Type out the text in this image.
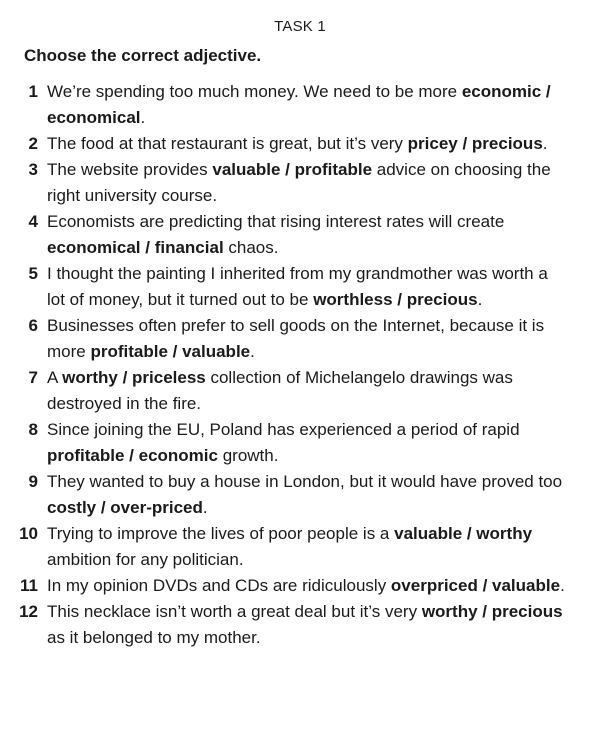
TASK 1
Choose the correct adjective.
1 We’re spending too much money. We need to be more economic / economical.
2 The food at that restaurant is great, but it’s very pricey / precious.
3 The website provides valuable / profitable advice on choosing the right university course.
4 Economists are predicting that rising interest rates will create economical / financial chaos.
5 I thought the painting I inherited from my grandmother was worth a lot of money, but it turned out to be worthless / precious.
6 Businesses often prefer to sell goods on the Internet, because it is more profitable / valuable.
7 A worthy / priceless collection of Michelangelo drawings was destroyed in the fire.
8 Since joining the EU, Poland has experienced a period of rapid profitable / economic growth.
9 They wanted to buy a house in London, but it would have proved too costly / over-priced.
10 Trying to improve the lives of poor people is a valuable / worthy ambition for any politician.
11 In my opinion DVDs and CDs are ridiculously overpriced / valuable.
12 This necklace isn’t worth a great deal but it’s very worthy / precious as it belonged to my mother.
